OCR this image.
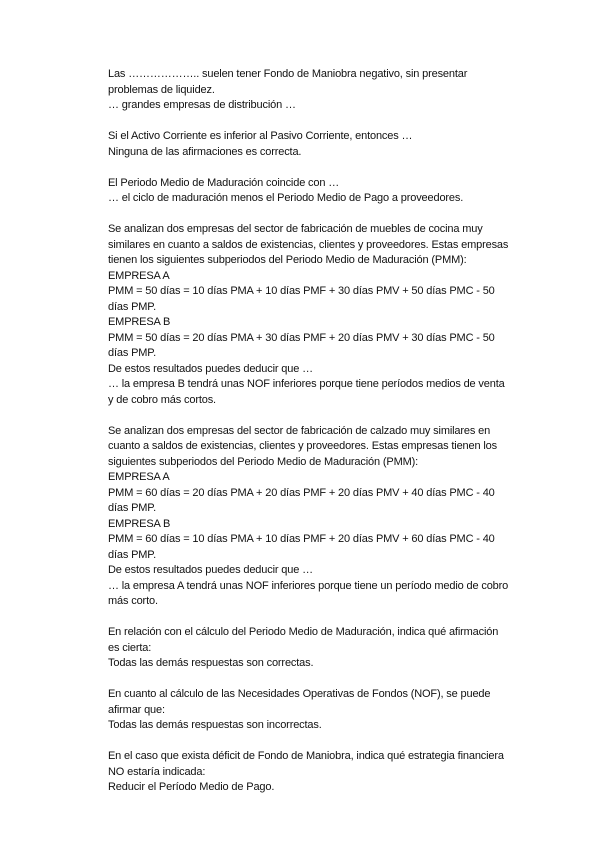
Las ……………….. suelen tener Fondo de Maniobra negativo, sin presentar
problemas de liquidez.
… grandes empresas de distribución …
Si el Activo Corriente es inferior al Pasivo Corriente, entonces …
Ninguna de las afirmaciones es correcta.
El Periodo Medio de Maduración coincide con …
… el ciclo de maduración menos el Periodo Medio de Pago a proveedores.
Se analizan dos empresas del sector de fabricación de muebles de cocina muy
similares en cuanto a saldos de existencias, clientes y proveedores. Estas empresas
tienen los siguientes subperiodos del Periodo Medio de Maduración (PMM):
EMPRESA A
PMM = 50 días = 10 días PMA + 10 días PMF + 30 días PMV + 50 días PMC - 50
días PMP.
EMPRESA B
PMM = 50 días = 20 días PMA + 30 días PMF + 20 días PMV + 30 días PMC - 50
días PMP.
De estos resultados puedes deducir que …
… la empresa B tendrá unas NOF inferiores porque tiene períodos medios de venta
y de cobro más cortos.
Se analizan dos empresas del sector de fabricación de calzado muy similares en
cuanto a saldos de existencias, clientes y proveedores. Estas empresas tienen los
siguientes subperiodos del Periodo Medio de Maduración (PMM):
EMPRESA A
PMM = 60 días = 20 días PMA + 20 días PMF + 20 días PMV + 40 días PMC - 40
días PMP.
EMPRESA B
PMM = 60 días = 10 días PMA + 10 días PMF + 20 días PMV + 60 días PMC - 40
días PMP.
De estos resultados puedes deducir que …
… la empresa A tendrá unas NOF inferiores porque tiene un período medio de cobro
más corto.
En relación con el cálculo del Periodo Medio de Maduración, indica qué afirmación
es cierta:
Todas las demás respuestas son correctas.
En cuanto al cálculo de las Necesidades Operativas de Fondos (NOF), se puede
afirmar que:
Todas las demás respuestas son incorrectas.
En el caso que exista déficit de Fondo de Maniobra, indica qué estrategia financiera
NO estaría indicada:
Reducir el Período Medio de Pago.
